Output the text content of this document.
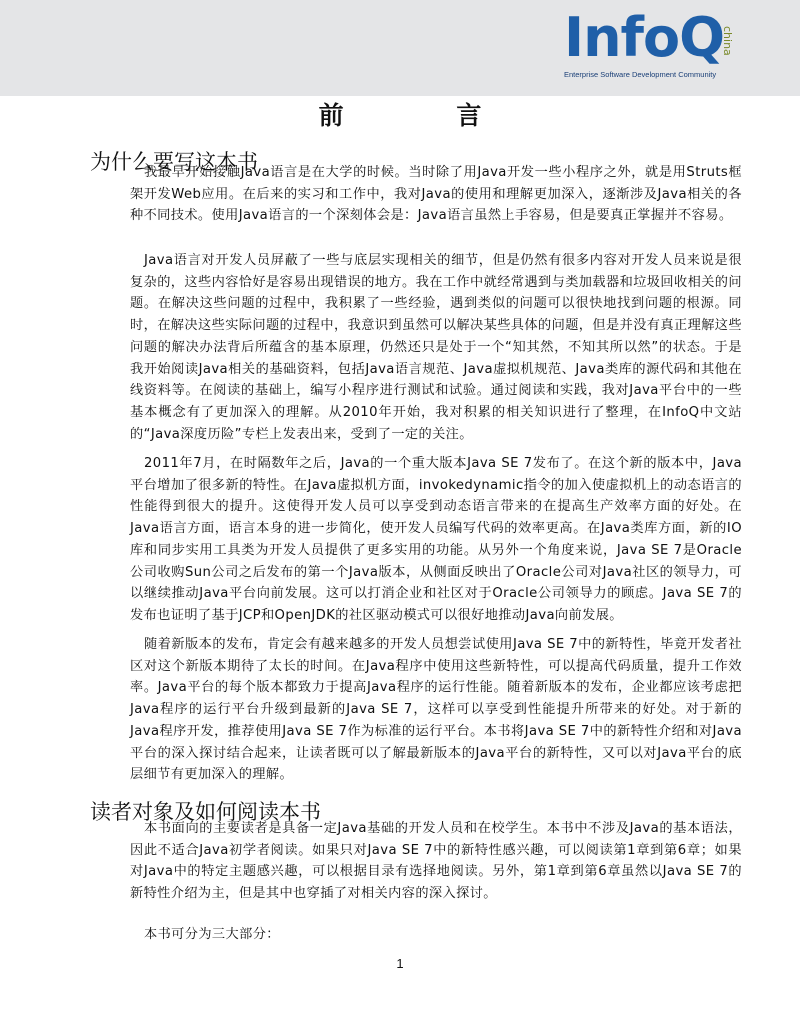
InfoQ
china
Enterprise Software Development Community
前 言
为什么要写这本书

我最早开始接触Java语言是在大学的时候。当时除了用Java开发一些小程序之外，就是用Struts框架开发Web应用。在后来的实习和工作中，我对Java的使用和理解更加深入，逐渐涉及Java相关的各种不同技术。使用Java语言的一个深刻体会是：Java语言虽然上手容易，但是要真正掌握并不容易。

Java语言对开发人员屏蔽了一些与底层实现相关的细节，但是仍然有很多内容对开发人员来说是很复杂的，这些内容恰好是容易出现错误的地方。我在工作中就经常遇到与类加载器和垃圾回收相关的问题。在解决这些问题的过程中，我积累了一些经验，遇到类似的问题可以很快地找到问题的根源。同时，在解决这些实际问题的过程中，我意识到虽然可以解决某些具体的问题，但是并没有真正理解这些问题的解决办法背后所蕴含的基本原理，仍然还只是处于一个“知其然，不知其所以然”的状态。于是我开始阅读Java相关的基础资料，包括Java语言规范、Java虚拟机规范、Java类库的源代码和其他在线资料等。在阅读的基础上，编写小程序进行测试和试验。通过阅读和实践，我对Java平台中的一些基本概念有了更加深入的理解。从2010年开始，我对积累的相关知识进行了整理，在InfoQ中文站的“Java深度历险”专栏上发表出来，受到了一定的关注。

2011年7月，在时隔数年之后，Java的一个重大版本Java SE 7发布了。在这个新的版本中，Java平台增加了很多新的特性。在Java虚拟机方面，invokedynamic指令的加入使虚拟机上的动态语言的性能得到很大的提升。这使得开发人员可以享受到动态语言带来的在提高生产效率方面的好处。在Java语言方面，语言本身的进一步简化，使开发人员编写代码的效率更高。在Java类库方面，新的IO库和同步实用工具类为开发人员提供了更多实用的功能。从另外一个角度来说，Java SE 7是Oracle公司收购Sun公司之后发布的第一个Java版本，从侧面反映出了Oracle公司对Java社区的领导力，可以继续推动Java平台向前发展。这可以打消企业和社区对于Oracle公司领导力的顾虑。Java SE 7的发布也证明了基于JCP和OpenJDK的社区驱动模式可以很好地推动Java向前发展。

随着新版本的发布，肯定会有越来越多的开发人员想尝试使用Java SE 7中的新特性，毕竟开发者社区对这个新版本期待了太长的时间。在Java程序中使用这些新特性，可以提高代码质量，提升工作效率。Java平台的每个版本都致力于提高Java程序的运行性能。随着新版本的发布，企业都应该考虑把Java程序的运行平台升级到最新的Java SE 7，这样可以享受到性能提升所带来的好处。对于新的Java程序开发，推荐使用Java SE 7作为标准的运行平台。本书将Java SE 7中的新特性介绍和对Java平台的深入探讨结合起来，让读者既可以了解最新版本的Java平台的新特性，又可以对Java平台的底层细节有更加深入的理解。

读者对象及如何阅读本书

本书面向的主要读者是具备一定Java基础的开发人员和在校学生。本书中不涉及Java的基本语法，因此不适合Java初学者阅读。如果只对Java SE 7中的新特性感兴趣，可以阅读第1章到第6章；如果对Java中的特定主题感兴趣，可以根据目录有选择地阅读。另外，第1章到第6章虽然以Java SE 7的新特性介绍为主，但是其中也穿插了对相关内容的深入探讨。

本书可分为三大部分：

1
